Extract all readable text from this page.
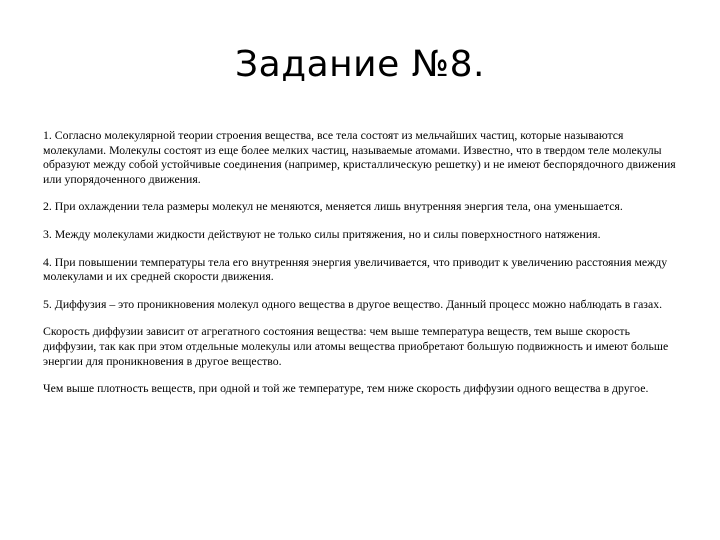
Задание №8.

1. Согласно молекулярной теории строения вещества, все тела состоят из мельчайших частиц, которые называются молекулами. Молекулы состоят из еще более мелких частиц, называемые атомами. Известно, что в твердом теле молекулы образуют между собой устойчивые соединения (например, кристаллическую решетку) и не имеют беспорядочного движения или упорядоченного движения.

2. При охлаждении тела размеры молекул не меняются, меняется лишь внутренняя энергия тела, она уменьшается.

3. Между молекулами жидкости действуют не только силы притяжения, но и силы поверхностного натяжения.

4. При повышении температуры тела его внутренняя энергия увеличивается, что приводит к увеличению расстояния между молекулами и их средней скорости движения.

5. Диффузия – это проникновения молекул одного вещества в другое вещество. Данный процесс можно наблюдать в газах.

Скорость диффузии зависит от агрегатного состояния вещества: чем выше температура веществ, тем выше скорость диффузии, так как при этом отдельные молекулы или атомы вещества приобретают большую подвижность и имеют больше энергии для проникновения в другое вещество.

Чем выше плотность веществ, при одной и той же температуре, тем ниже скорость диффузии одного вещества в другое.
